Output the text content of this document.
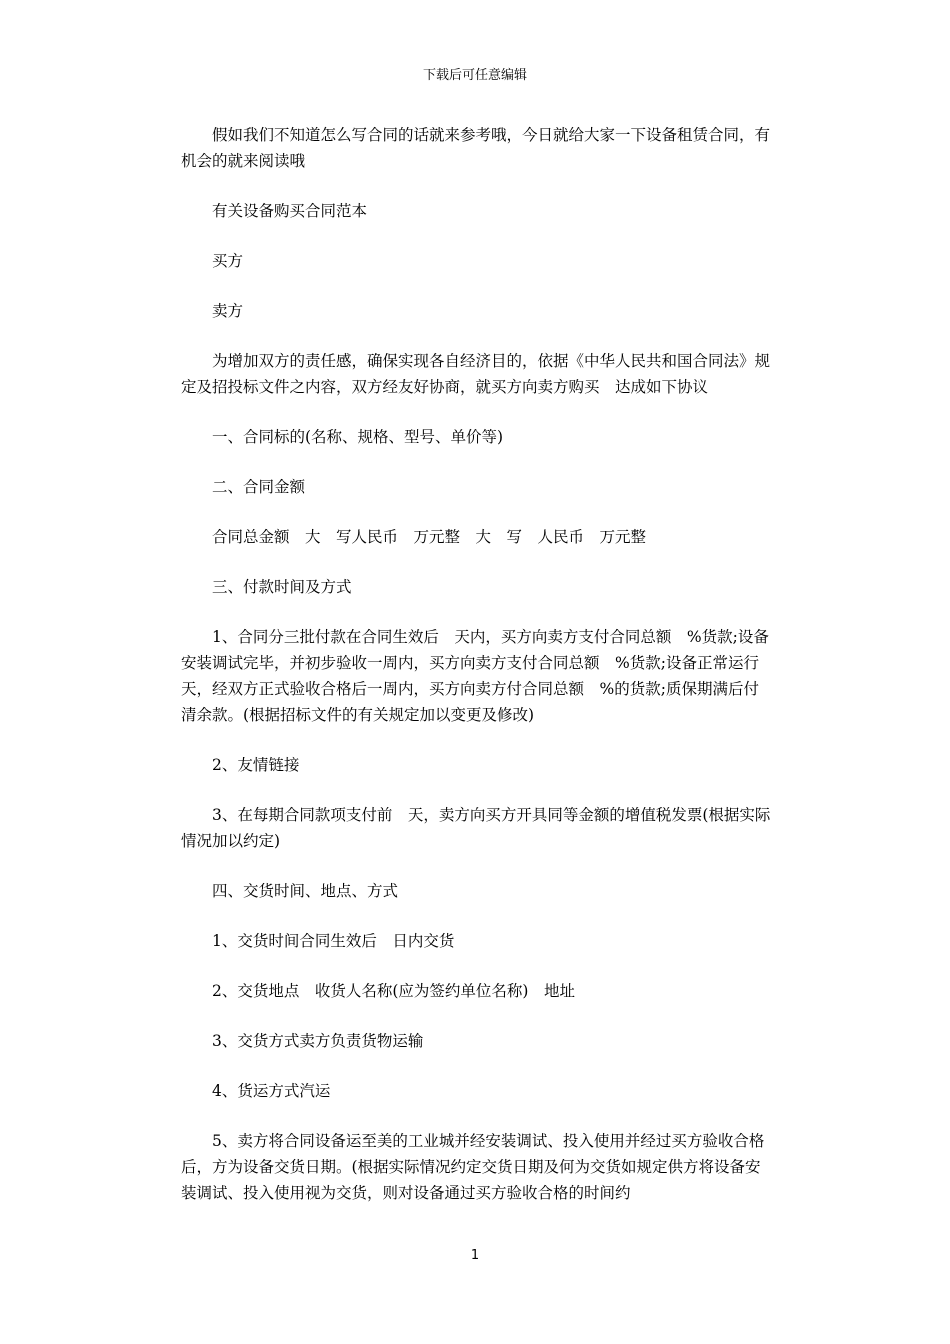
下载后可任意编辑

假如我们不知道怎么写合同的话就来参考哦，今日就给大家一下设备租赁合同，有机会的就来阅读哦

有关设备购买合同范本

买方

卖方

为增加双方的责任感，确保实现各自经济目的，依据《中华人民共和国合同法》规定及招投标文件之内容，双方经友好协商，就买方向卖方购买　达成如下协议

一、合同标的(名称、规格、型号、单价等)

二、合同金额

合同总金额　大　写人民币　万元整　大　写　人民币　万元整

三、付款时间及方式

1、合同分三批付款在合同生效后　天内，买方向卖方支付合同总额　%货款;设备安装调试完毕，并初步验收一周内，买方向卖方支付合同总额　%货款;设备正常运行　天，经双方正式验收合格后一周内，买方向卖方付合同总额　%的货款;质保期满后付清余款。(根据招标文件的有关规定加以变更及修改)

2、友情链接

3、在每期合同款项支付前　天，卖方向买方开具同等金额的增值税发票(根据实际情况加以约定)

四、交货时间、地点、方式

1、交货时间合同生效后　日内交货

2、交货地点　收货人名称(应为签约单位名称)　地址

3、交货方式卖方负责货物运输

4、货运方式汽运

5、卖方将合同设备运至美的工业城并经安装调试、投入使用并经过买方验收合格后，方为设备交货日期。(根据实际情况约定交货日期及何为交货如规定供方将设备安装调试、投入使用视为交货，则对设备通过买方验收合格的时间约

1
